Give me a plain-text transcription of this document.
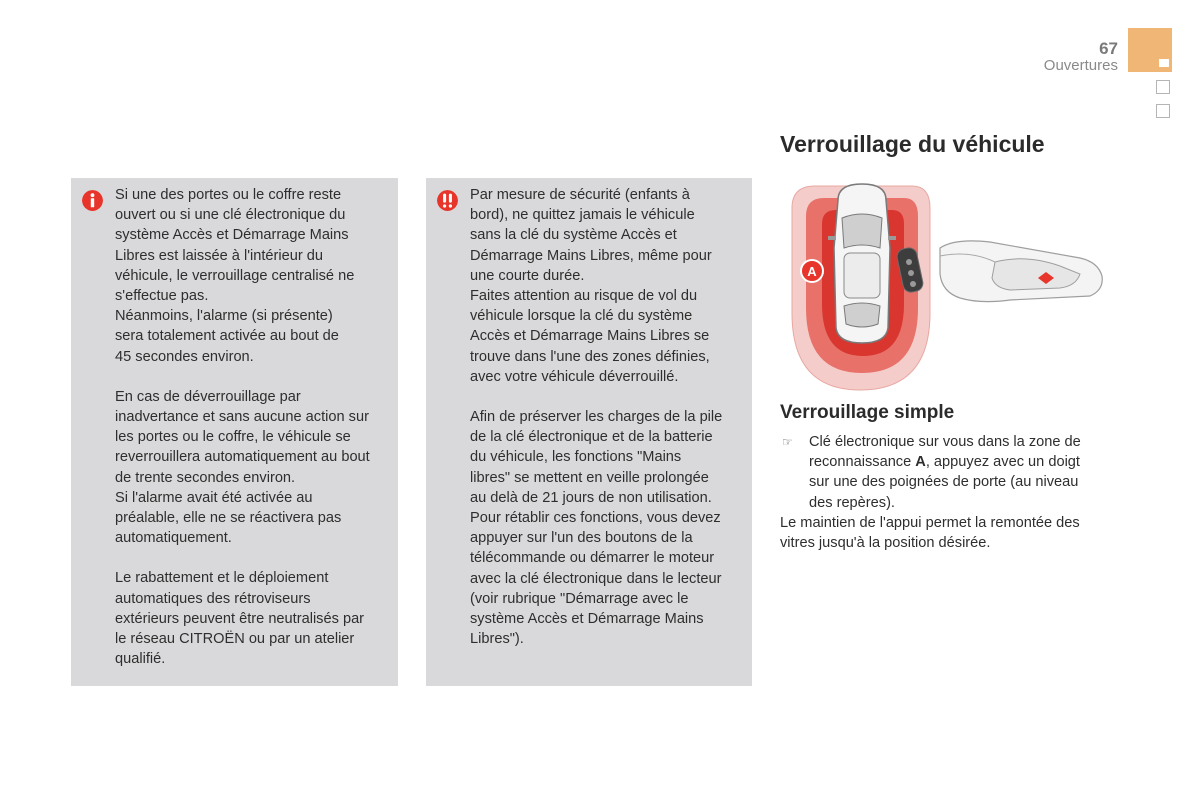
67
Ouvertures

Si une des portes ou le coffre reste
ouvert ou si une clé électronique du
système Accès et Démarrage Mains
Libres est laissée à l'intérieur du
véhicule, le verrouillage centralisé ne
s'effectue pas.
Néanmoins, l'alarme (si présente)
sera totalement activée au bout de
45 secondes environ.

En cas de déverrouillage par
inadvertance et sans aucune action sur
les portes ou le coffre, le véhicule se
reverrouillera automatiquement au bout
de trente secondes environ.
Si l'alarme avait été activée au
préalable, elle ne se réactivera pas
automatiquement.

Le rabattement et le déploiement
automatiques des rétroviseurs
extérieurs peuvent être neutralisés par
le réseau CITROËN ou par un atelier
qualifié.

Par mesure de sécurité (enfants à
bord), ne quittez jamais le véhicule
sans la clé du système Accès et
Démarrage Mains Libres, même pour
une courte durée.
Faites attention au risque de vol du
véhicule lorsque la clé du système
Accès et Démarrage Mains Libres se
trouve dans l'une des zones définies,
avec votre véhicule déverrouillé.

Afin de préserver les charges de la pile
de la clé électronique et de la batterie
du véhicule, les fonctions "Mains
libres" se mettent en veille prolongée
au delà de 21 jours de non utilisation.
Pour rétablir ces fonctions, vous devez
appuyer sur l'un des boutons de la
télécommande ou démarrer le moteur
avec la clé électronique dans le lecteur
(voir rubrique "Démarrage avec le
système Accès et Démarrage Mains
Libres").

Verrouillage du véhicule
A
Verrouillage simple
☞ Clé électronique sur vous dans la zone de reconnaissance A, appuyez avec un doigt sur une des poignées de porte (au niveau des repères).
Le maintien de l'appui permet la remontée des vitres jusqu'à la position désirée.
